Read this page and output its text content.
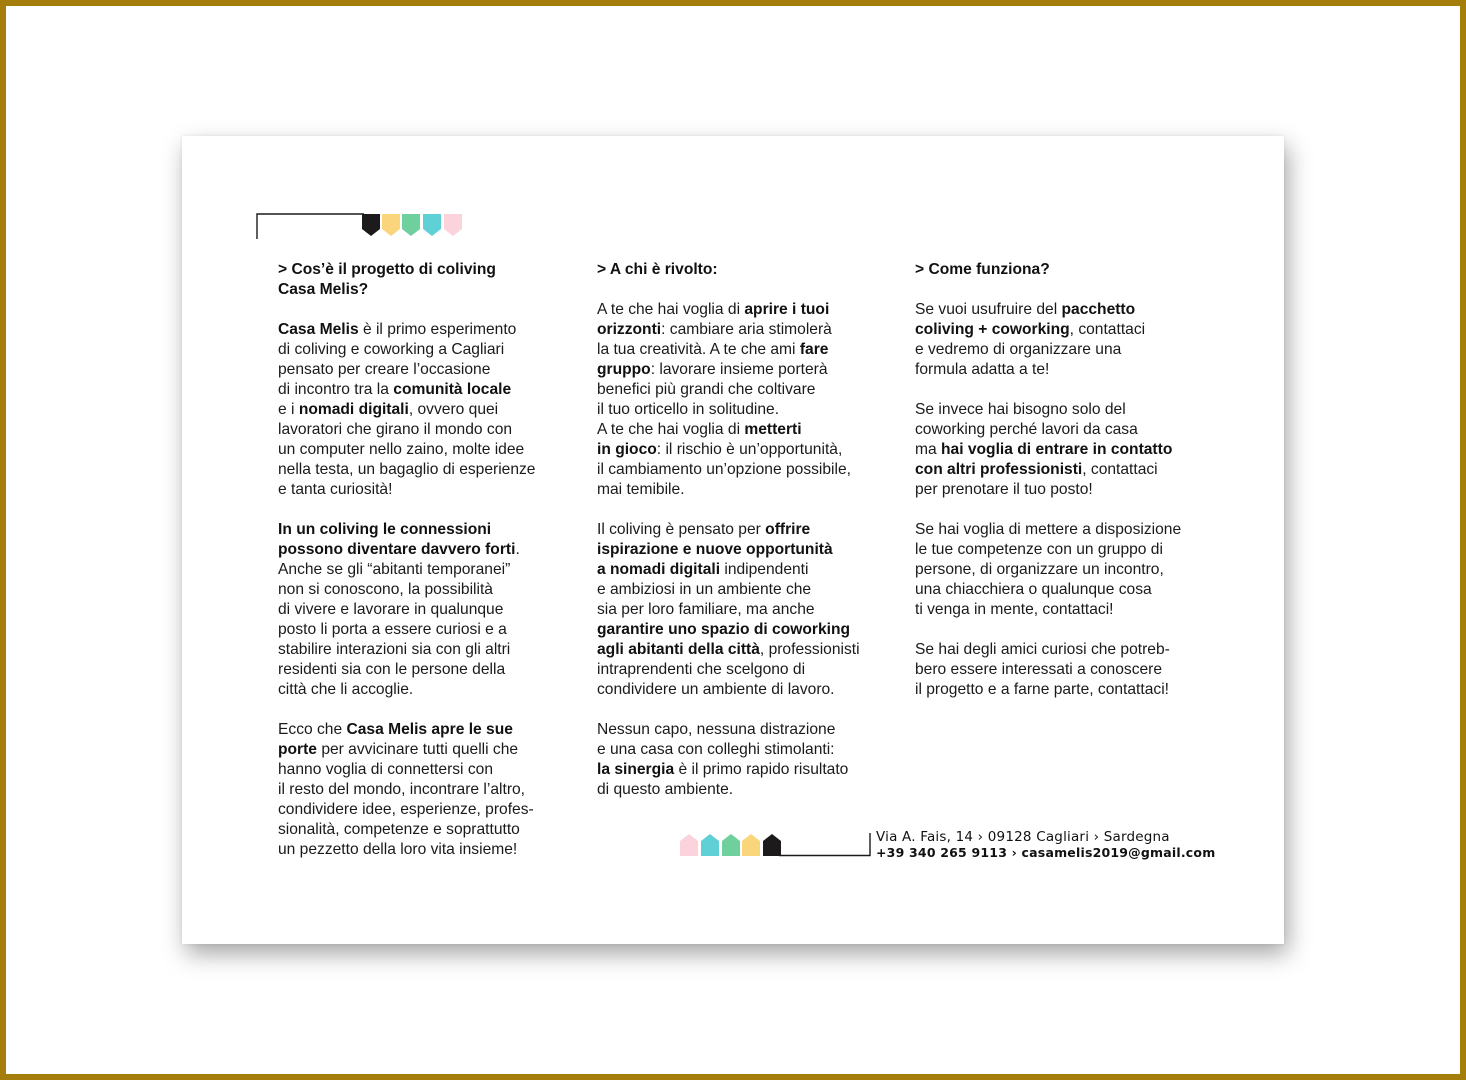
> Cos’è il progetto di coliving
Casa Melis?

Casa Melis è il primo esperimento
di coliving e coworking a Cagliari
pensato per creare l’occasione
di incontro tra la comunità locale
e i nomadi digitali, ovvero quei
lavoratori che girano il mondo con
un computer nello zaino, molte idee
nella testa, un bagaglio di esperienze
e tanta curiosità!

In un coliving le connessioni
possono diventare davvero forti.
Anche se gli “abitanti temporanei”
non si conoscono, la possibilità
di vivere e lavorare in qualunque
posto li porta a essere curiosi e a
stabilire interazioni sia con gli altri
residenti sia con le persone della
città che li accoglie.

Ecco che Casa Melis apre le sue
porte per avvicinare tutti quelli che
hanno voglia di connettersi con
il resto del mondo, incontrare l’altro,
condividere idee, esperienze, profes-
sionalità, competenze e soprattutto
un pezzetto della loro vita insieme!

> A chi è rivolto:

A te che hai voglia di aprire i tuoi
orizzonti: cambiare aria stimolerà
la tua creatività. A te che ami fare
gruppo: lavorare insieme porterà
benefici più grandi che coltivare
il tuo orticello in solitudine.
A te che hai voglia di metterti
in gioco: il rischio è un’opportunità,
il cambiamento un’opzione possibile,
mai temibile.

Il coliving è pensato per offrire
ispirazione e nuove opportunità
a nomadi digitali indipendenti
e ambiziosi in un ambiente che
sia per loro familiare, ma anche
garantire uno spazio di coworking
agli abitanti della città, professionisti
intraprendenti che scelgono di
condividere un ambiente di lavoro.

Nessun capo, nessuna distrazione
e una casa con colleghi stimolanti:
la sinergia è il primo rapido risultato
di questo ambiente.

> Come funziona?

Se vuoi usufruire del pacchetto
coliving + coworking, contattaci
e vedremo di organizzare una
formula adatta a te!

Se invece hai bisogno solo del
coworking perché lavori da casa
ma hai voglia di entrare in contatto
con altri professionisti, contattaci
per prenotare il tuo posto!

Se hai voglia di mettere a disposizione
le tue competenze con un gruppo di
persone, di organizzare un incontro,
una chiacchiera o qualunque cosa
ti venga in mente, contattaci!

Se hai degli amici curiosi che potreb-
bero essere interessati a conoscere
il progetto e a farne parte, contattaci!

Via A. Fais, 14 › 09128 Cagliari › Sardegna
+39 340 265 9113 › casamelis2019@gmail.com
